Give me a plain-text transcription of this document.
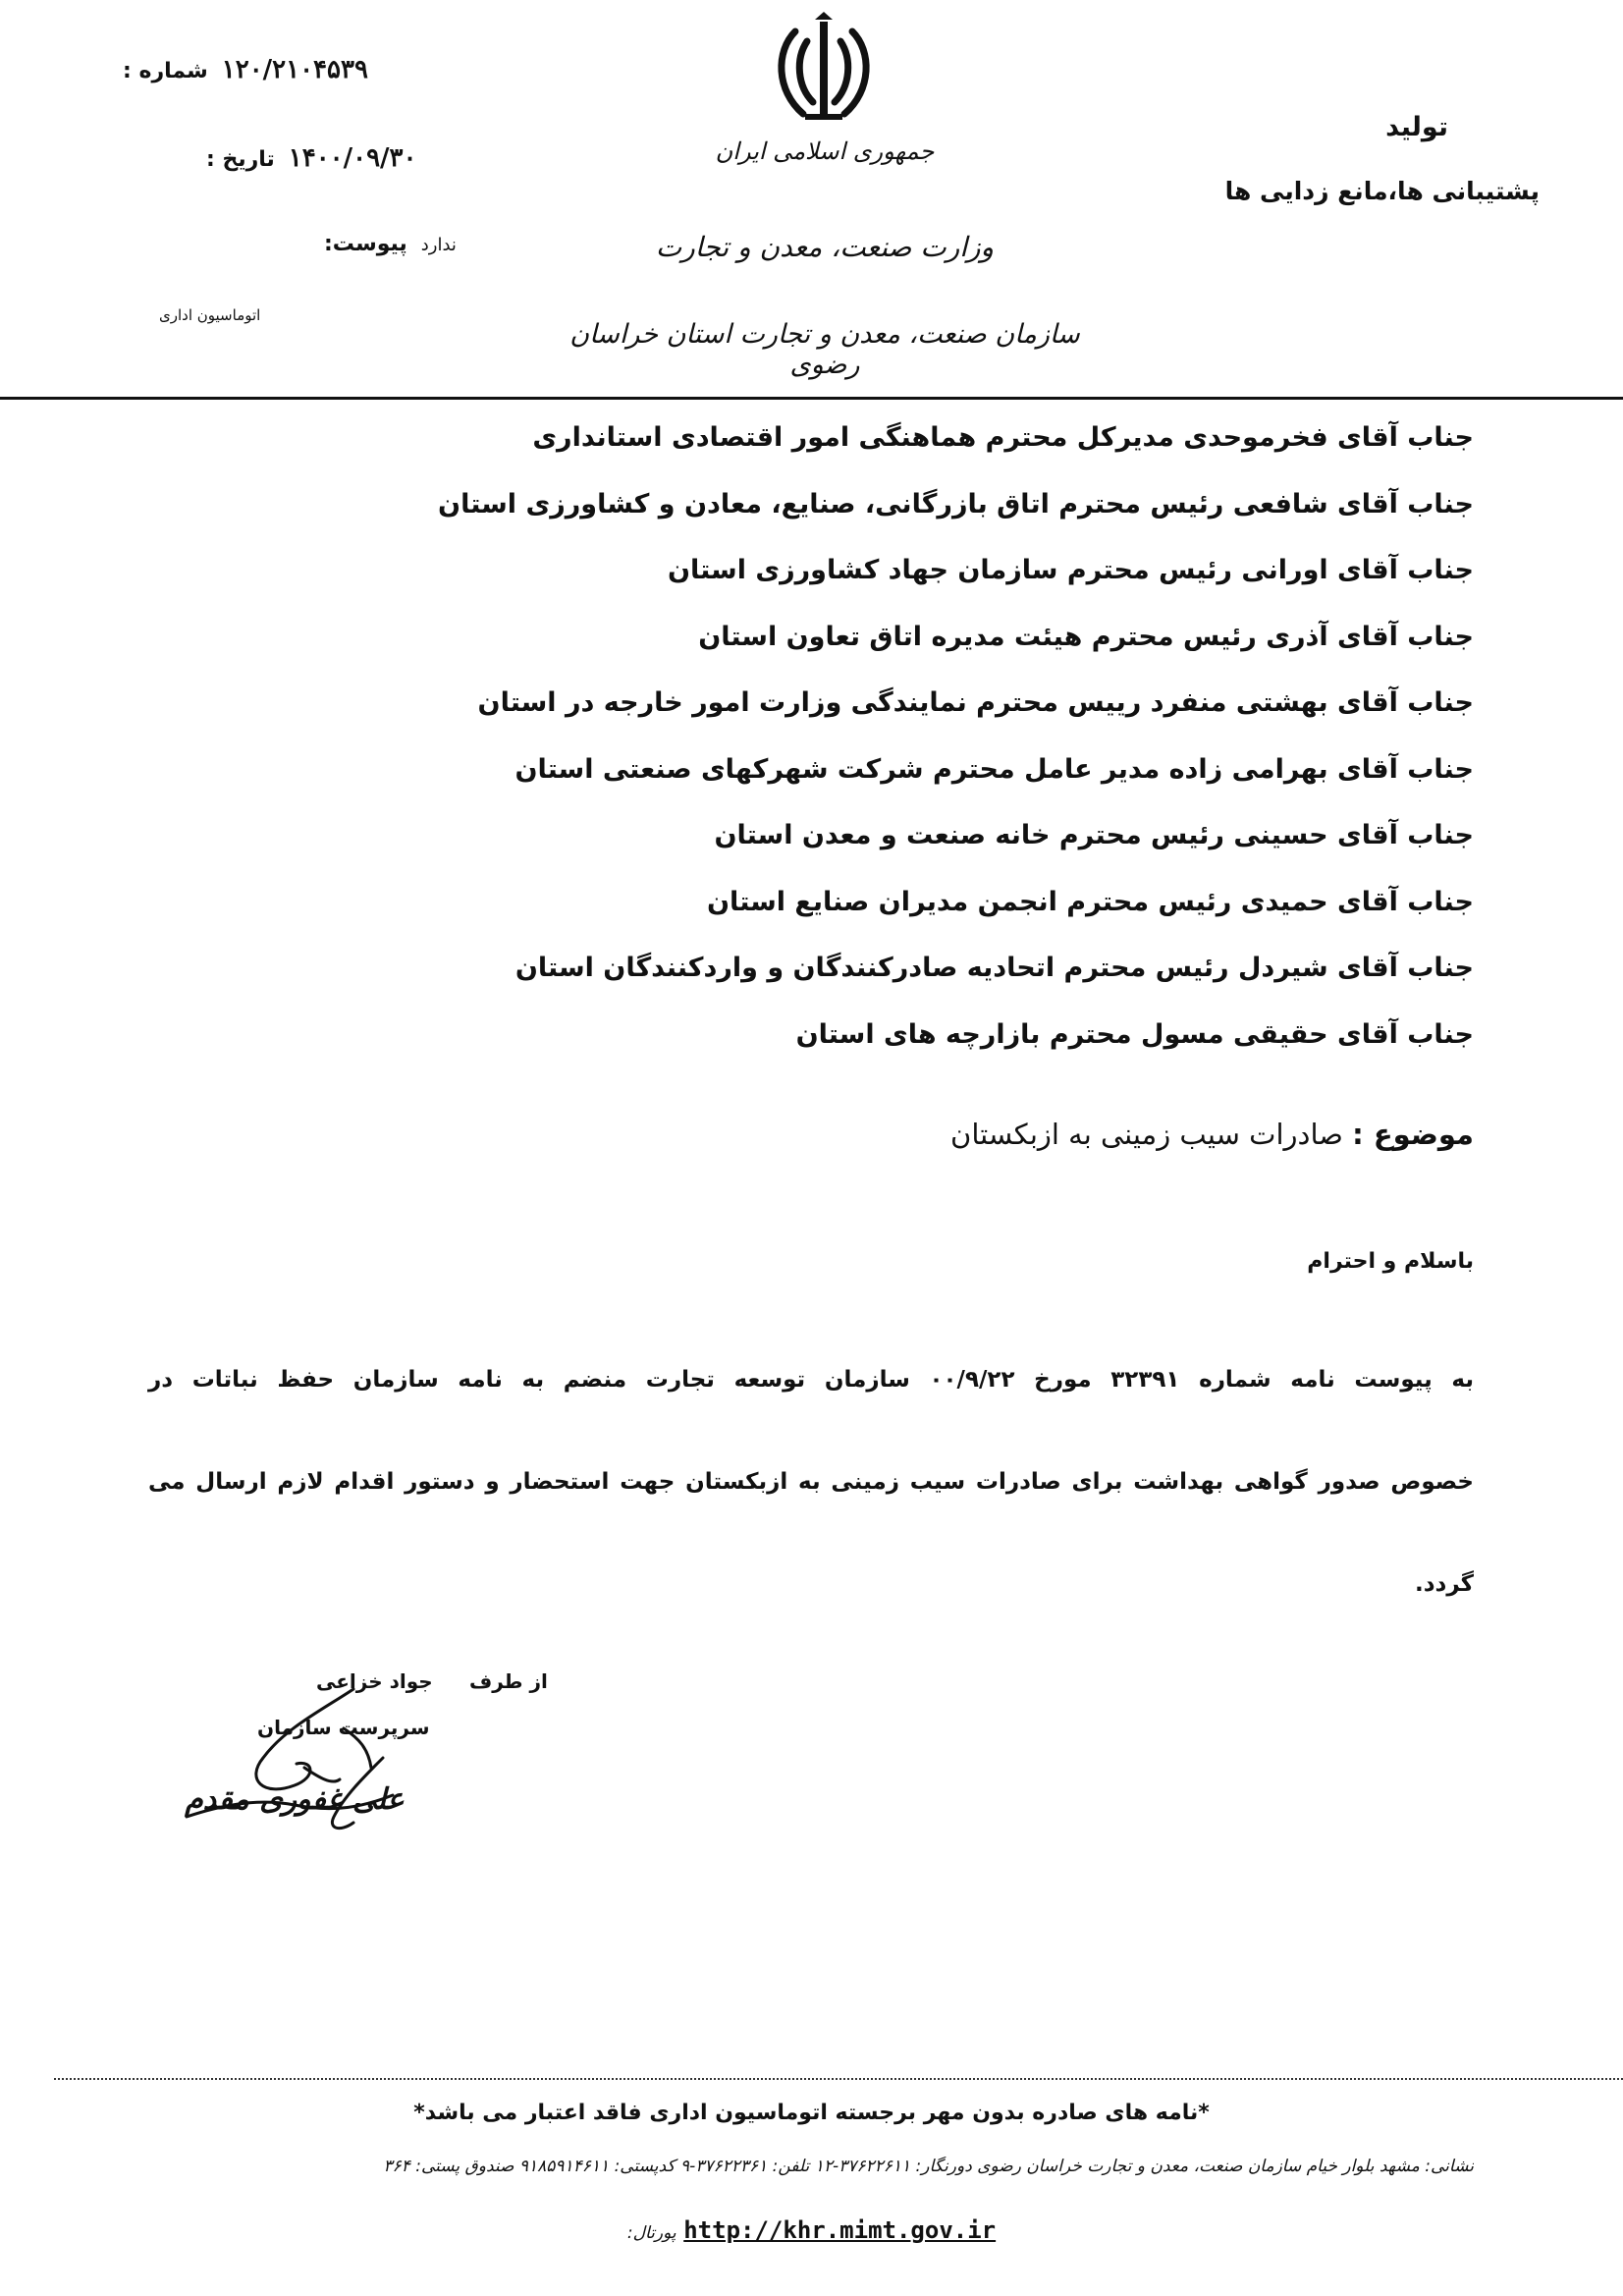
۱۲۰/۲۱۰۴۵۳۹
شماره :
۱۴۰۰/۰۹/۳۰
تاریخ :
ندارد
پیوست:
اتوماسیون اداری
جمهوری اسلامی ایران
وزارت صنعت، معدن و تجارت
سازمان صنعت، معدن و تجارت استان خراسان رضوی
تولید
پشتیبانی ها،مانع زدایی ها
جناب آقای فخرموحدی مدیرکل محترم هماهنگی امور اقتصادی استانداری
جناب آقای شافعی رئیس محترم اتاق بازرگانی، صنایع، معادن و کشاورزی استان
جناب آقای اورانی رئیس محترم سازمان جهاد کشاورزی استان
جناب آقای آذری رئیس محترم هیئت مدیره اتاق تعاون استان
جناب آقای بهشتی منفرد رییس محترم نمایندگی وزارت امور خارجه در استان
جناب آقای بهرامی زاده مدیر عامل محترم شرکت شهرکهای صنعتی استان
جناب آقای حسینی رئیس محترم خانه صنعت و معدن استان
جناب آقای حمیدی رئیس محترم انجمن مدیران صنایع استان
جناب آقای شیردل رئیس محترم اتحادیه صادرکنندگان و واردکنندگان استان
جناب آقای حقیقی مسول محترم بازارچه های استان
موضوع : صادرات سیب زمینی به ازبکستان
باسلام و احترام
به پیوست نامه شماره ۳۲۳۹۱ مورخ ۰۰/۹/۲۲ سازمان توسعه تجارت منضم به نامه سازمان حفظ نباتات در
خصوص صدور گواهی بهداشت برای صادرات سیب زمینی به ازبکستان جهت استحضار و دستور اقدام لازم ارسال می
گردد.
از طرف
جواد خزاعی
سرپرست سازمان
علی غفوری مقدم
*نامه های صادره بدون مهر برجسته اتوماسیون اداری فاقد اعتبار می باشد*
نشانی: مشهد بلوار خیام سازمان صنعت، معدن و تجارت خراسان رضوی دورنگار: ۳۷۶۲۲۶۱۱-۱۲ تلفن: ۳۷۶۲۲۳۶۱-۹ کدپستی: ۹۱۸۵۹۱۴۶۱۱ صندوق پستی: ۳۶۴
http://khr.mimt.gov.ir پورتال:
